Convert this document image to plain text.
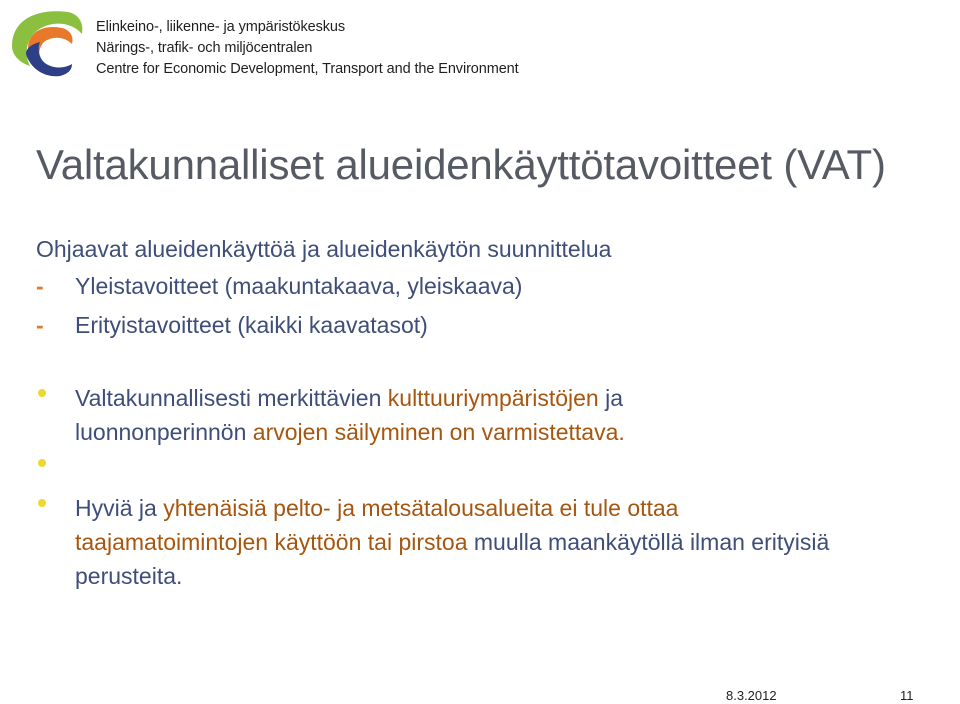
Elinkeino-, liikenne- ja ympäristökeskus
Närings-, trafik- och miljöcentralen
Centre for Economic Development, Transport and the Environment
Valtakunnalliset alueidenkäyttötavoitteet (VAT)
Ohjaavat alueidenkäyttöä ja alueidenkäytön suunnittelua
- Yleistavoitteet (maakuntakaava, yleiskaava)
- Erityistavoitteet (kaikki kaavatasot)
Valtakunnallisesti merkittävien kulttuuriympäristöjen ja luonnonperinnön arvojen säilyminen on varmistettava.
Hyviä ja yhtenäisiä pelto- ja metsätalousalueita ei tule ottaa taajamatoimintojen käyttöön tai pirstoa muulla maankäytöllä ilman erityisiä perusteita.
8.3.2012	11
